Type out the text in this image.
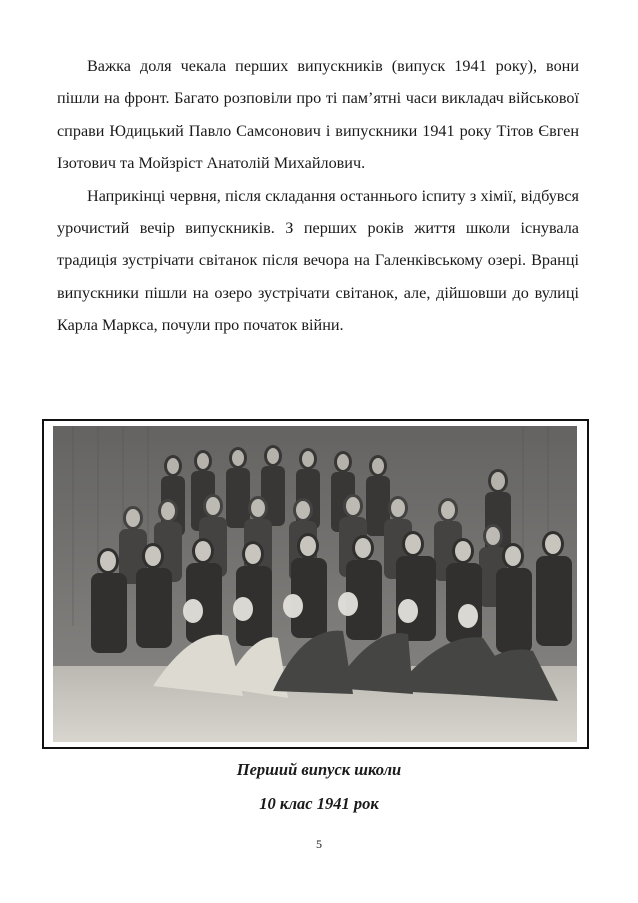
Важка доля чекала перших випускників (випуск 1941 року), вони пішли на фронт. Багато розповіли про ті пам’ятні часи викладач військової справи Юдицький Павло Самсонович і випускники 1941 року Тітов Євген Ізотович та Мойзріст Анатолій Михайлович.

Наприкінці червня, після складання останнього іспиту з хімії, відбувся урочистий вечір випускників. З перших років життя школи існувала традиція зустрічати світанок після вечора на Галенківському озері. Вранці випускники пішли на озеро зустрічати світанок, але, дійшовши до вулиці Карла Маркса, почули про початок війни.

Перший випуск школи
10 клас 1941 рок
5
